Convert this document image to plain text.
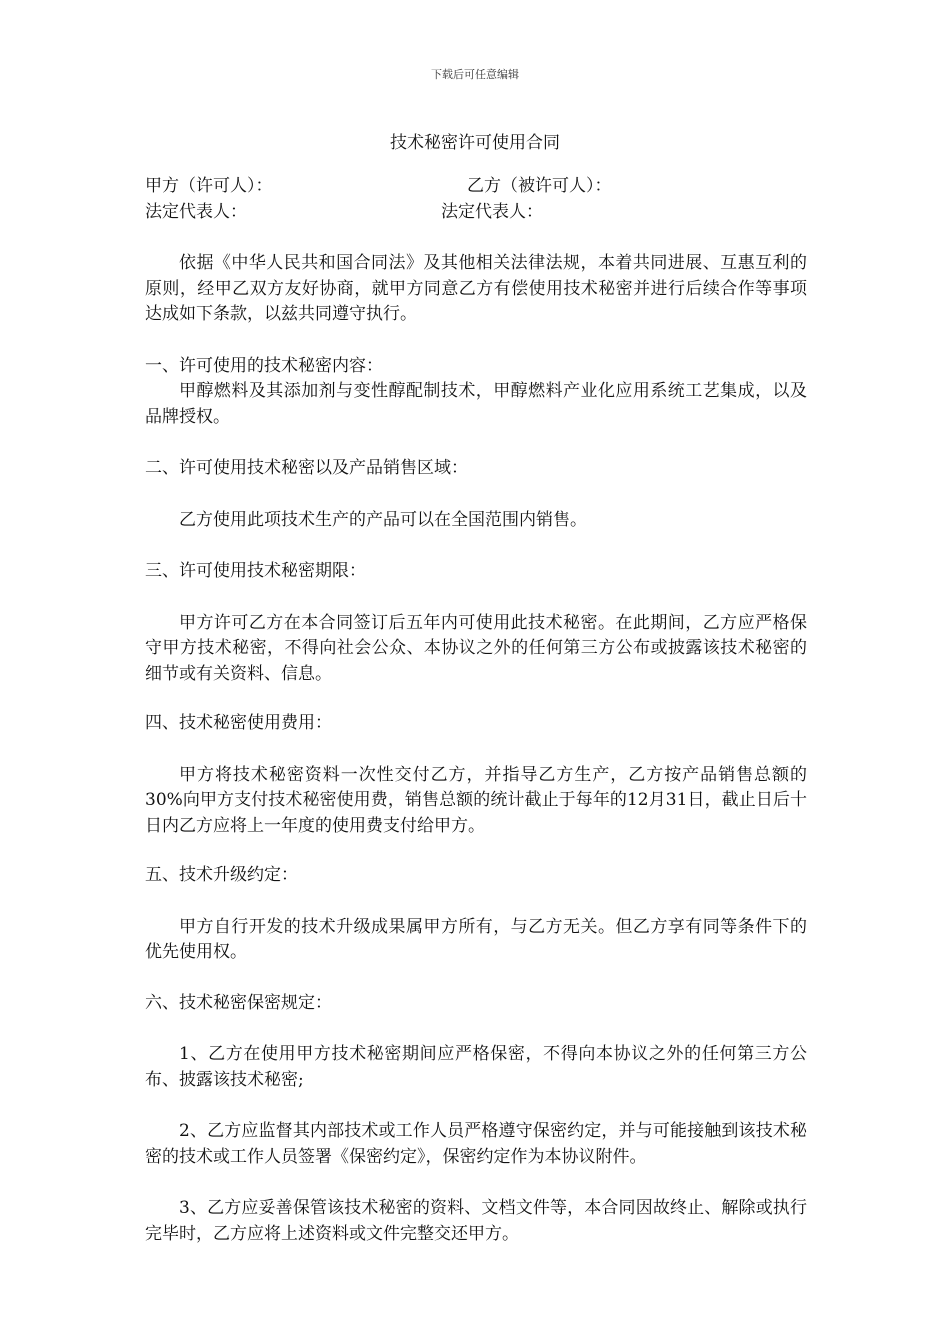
下载后可任意编辑
技术秘密许可使用合同
甲方（许可人）：	乙方（被许可人）：
法定代表人：	法定代表人：

依据《中华人民共和国合同法》及其他相关法律法规，本着共同进展、互惠互利的原则，经甲乙双方友好协商，就甲方同意乙方有偿使用技术秘密并进行后续合作等事项达成如下条款，以兹共同遵守执行。

一、许可使用的技术秘密内容：

甲醇燃料及其添加剂与变性醇配制技术，甲醇燃料产业化应用系统工艺集成，以及品牌授权。

二、许可使用技术秘密以及产品销售区域：

乙方使用此项技术生产的产品可以在全国范围内销售。

三、许可使用技术秘密期限：

甲方许可乙方在本合同签订后五年内可使用此技术秘密。在此期间，乙方应严格保守甲方技术秘密，不得向社会公众、本协议之外的任何第三方公布或披露该技术秘密的细节或有关资料、信息。

四、技术秘密使用费用：

甲方将技术秘密资料一次性交付乙方，并指导乙方生产，乙方按产品销售总额的30%向甲方支付技术秘密使用费，销售总额的统计截止于每年的12月31日，截止日后十日内乙方应将上一年度的使用费支付给甲方。

五、技术升级约定：

甲方自行开发的技术升级成果属甲方所有，与乙方无关。但乙方享有同等条件下的优先使用权。

六、技术秘密保密规定：

1、乙方在使用甲方技术秘密期间应严格保密，不得向本协议之外的任何第三方公布、披露该技术秘密;

2、乙方应监督其内部技术或工作人员严格遵守保密约定，并与可能接触到该技术秘密的技术或工作人员签署《保密约定》，保密约定作为本协议附件。

3、乙方应妥善保管该技术秘密的资料、文档文件等，本合同因故终止、解除或执行完毕时，乙方应将上述资料或文件完整交还甲方。
